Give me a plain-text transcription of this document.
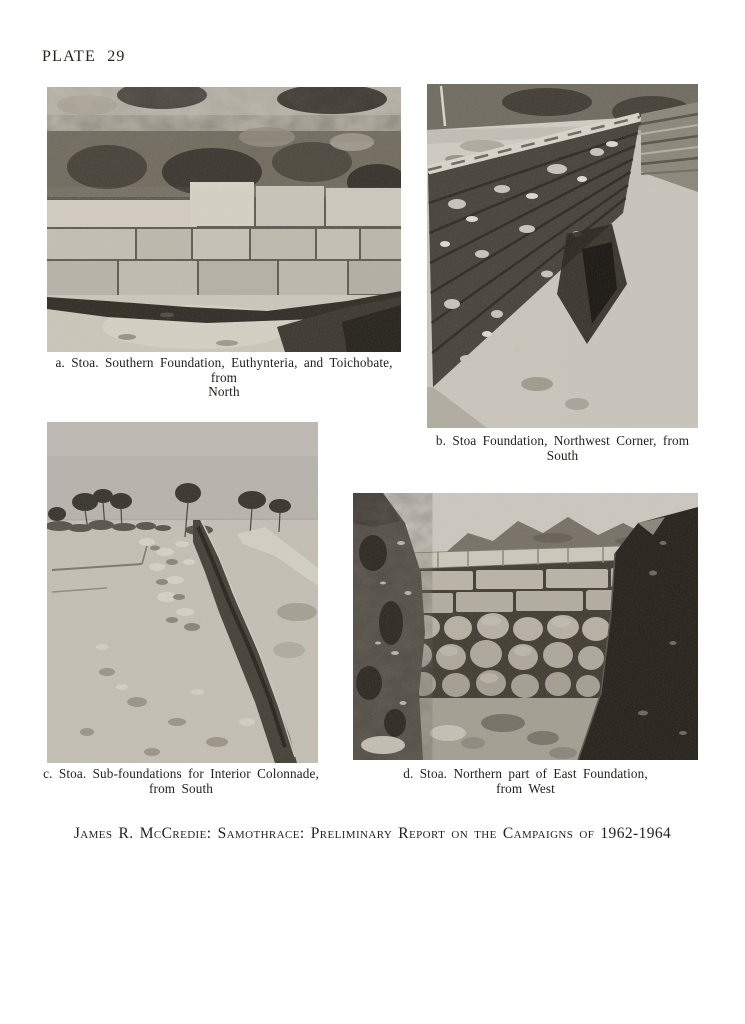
PLATE 29
a. Stoa. Southern Foundation, Euthynteria, and Toichobate, from
North
b. Stoa Foundation, Northwest Corner, from
South
c. Stoa. Sub-foundations for Interior Colonnade,
from South
d. Stoa. Northern part of East Foundation,
from West
James R. McCredie: Samothrace: Preliminary Report on the Campaigns of 1962-1964
